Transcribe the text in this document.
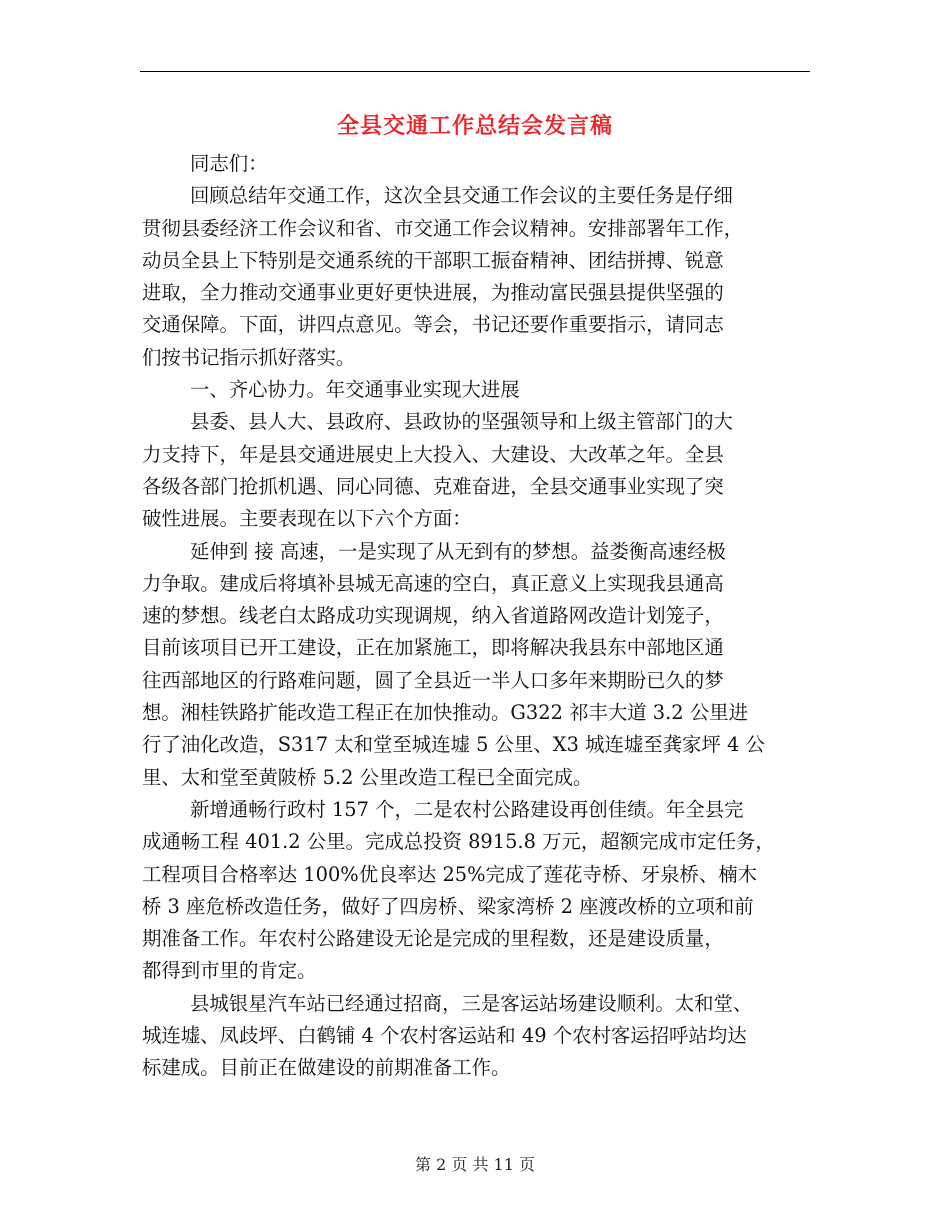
全县交通工作总结会发言稿
同志们：
回顾总结年交通工作，这次全县交通工作会议的主要任务是仔细
贯彻县委经济工作会议和省、市交通工作会议精神。安排部署年工作，
动员全县上下特别是交通系统的干部职工振奋精神、团结拼搏、锐意
进取，全力推动交通事业更好更快进展，为推动富民强县提供坚强的
交通保障。下面，讲四点意见。等会，书记还要作重要指示，请同志
们按书记指示抓好落实。
一、齐心协力。年交通事业实现大进展
县委、县人大、县政府、县政协的坚强领导和上级主管部门的大
力支持下，年是县交通进展史上大投入、大建设、大改革之年。全县
各级各部门抢抓机遇、同心同德、克难奋进，全县交通事业实现了突
破性进展。主要表现在以下六个方面：
延伸到 接 高速，一是实现了从无到有的梦想。益娄衡高速经极
力争取。建成后将填补县城无高速的空白，真正意义上实现我县通高
速的梦想。线老白太路成功实现调规，纳入省道路网改造计划笼子，
目前该项目已开工建设，正在加紧施工，即将解决我县东中部地区通
往西部地区的行路难问题，圆了全县近一半人口多年来期盼已久的梦
想。湘桂铁路扩能改造工程正在加快推动。G322 祁丰大道 3.2 公里进
行了油化改造，S317 太和堂至城连墟 5 公里、X3 城连墟至龚家坪 4 公
里、太和堂至黄陂桥 5.2 公里改造工程已全面完成。
新增通畅行政村 157 个，二是农村公路建设再创佳绩。年全县完
成通畅工程 401.2 公里。完成总投资 8915.8 万元，超额完成市定任务，
工程项目合格率达 100%优良率达 25%完成了莲花寺桥、牙泉桥、楠木
桥 3 座危桥改造任务，做好了四房桥、梁家湾桥 2 座渡改桥的立项和前
期准备工作。年农村公路建设无论是完成的里程数，还是建设质量，
都得到市里的肯定。
县城银星汽车站已经通过招商，三是客运站场建设顺利。太和堂、
城连墟、凤歧坪、白鹤铺 4 个农村客运站和 49 个农村客运招呼站均达
标建成。目前正在做建设的前期准备工作。
第 2 页 共 11 页
